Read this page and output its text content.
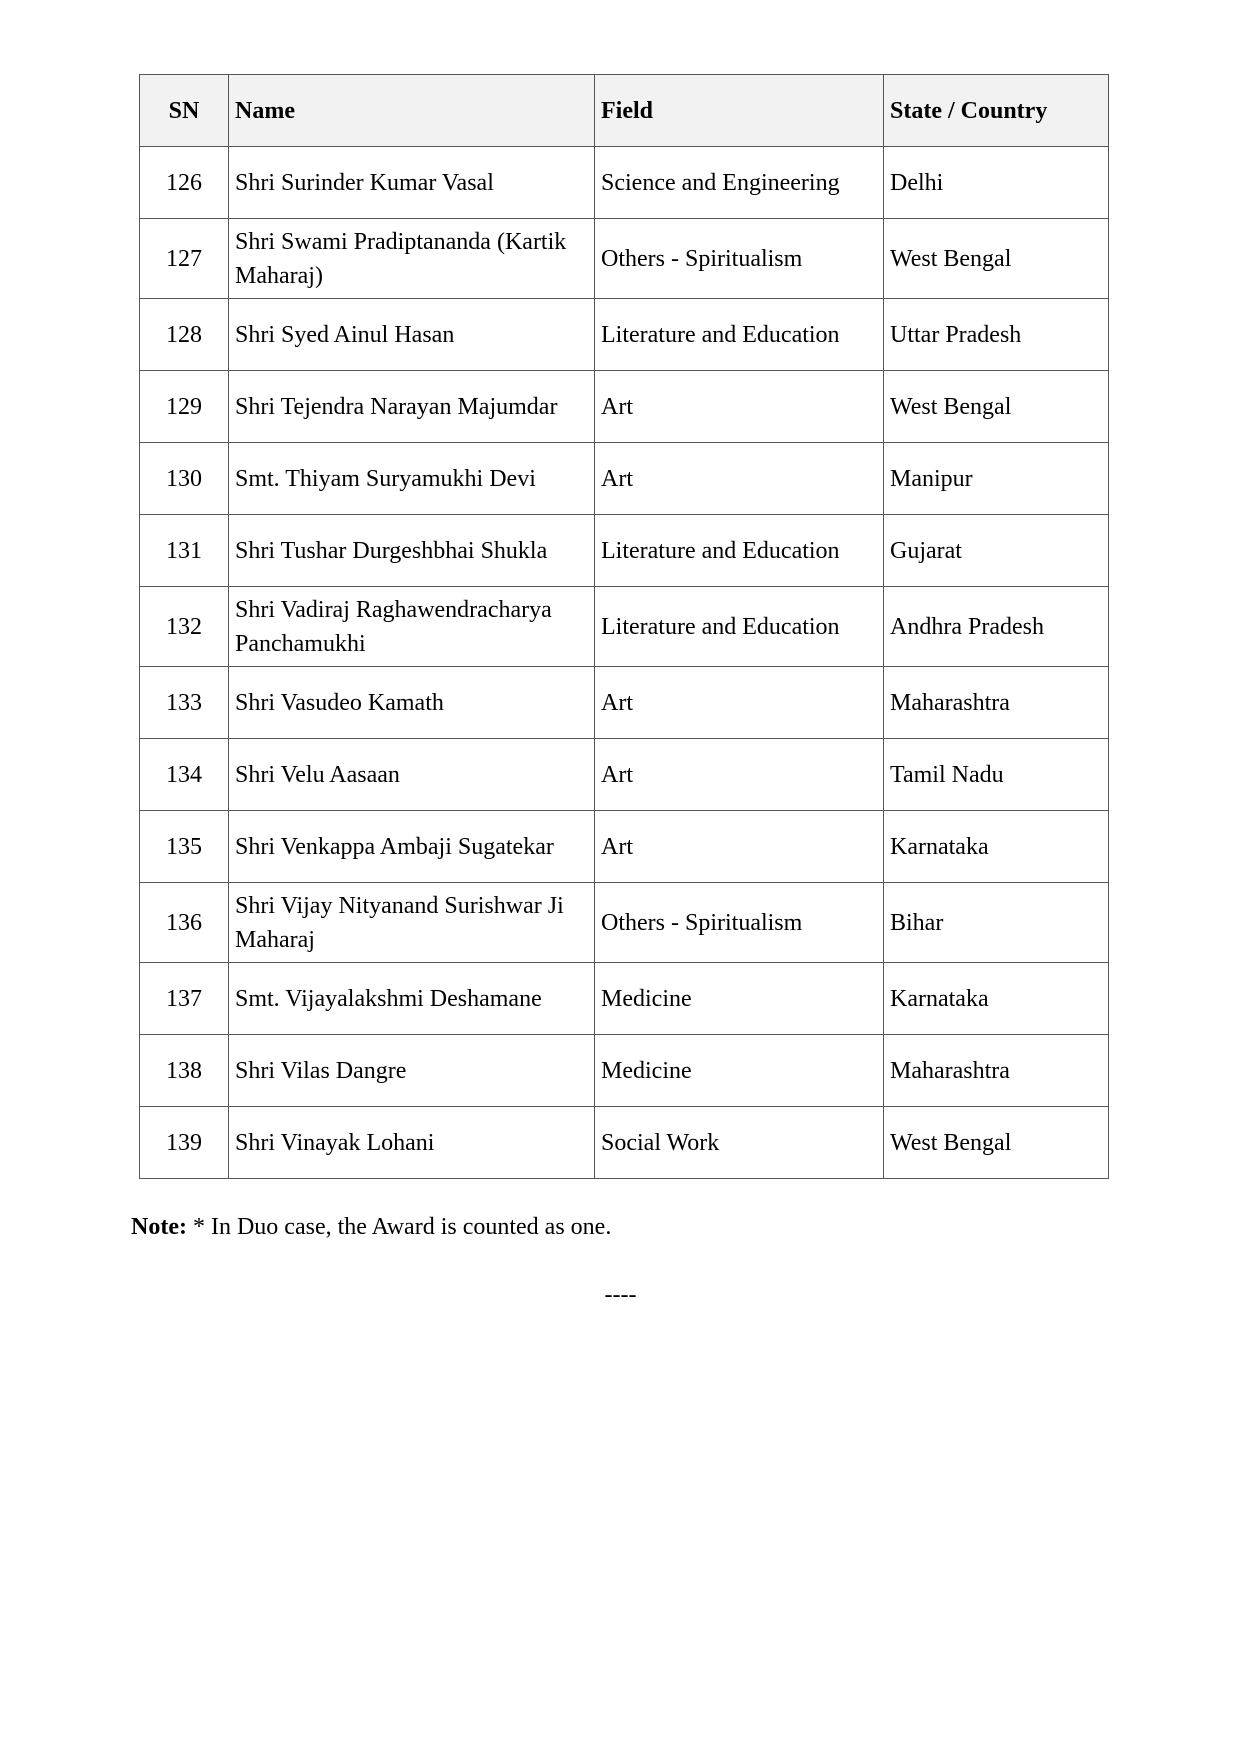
SN	Name	Field	State / Country
126	Shri Surinder Kumar Vasal	Science and Engineering	Delhi
127	Shri Swami Pradiptananda (Kartik Maharaj)	Others - Spiritualism	West Bengal
128	Shri Syed Ainul Hasan	Literature and Education	Uttar Pradesh
129	Shri Tejendra Narayan Majumdar	Art	West Bengal
130	Smt. Thiyam Suryamukhi Devi	Art	Manipur
131	Shri Tushar Durgeshbhai Shukla	Literature and Education	Gujarat
132	Shri Vadiraj Raghawendracharya Panchamukhi	Literature and Education	Andhra Pradesh
133	Shri Vasudeo Kamath	Art	Maharashtra
134	Shri Velu Aasaan	Art	Tamil Nadu
135	Shri Venkappa Ambaji Sugatekar	Art	Karnataka
136	Shri Vijay Nityanand Surishwar Ji Maharaj	Others - Spiritualism	Bihar
137	Smt. Vijayalakshmi Deshamane	Medicine	Karnataka
138	Shri Vilas Dangre	Medicine	Maharashtra
139	Shri Vinayak Lohani	Social Work	West Bengal

Note: * In Duo case, the Award is counted as one.

----
